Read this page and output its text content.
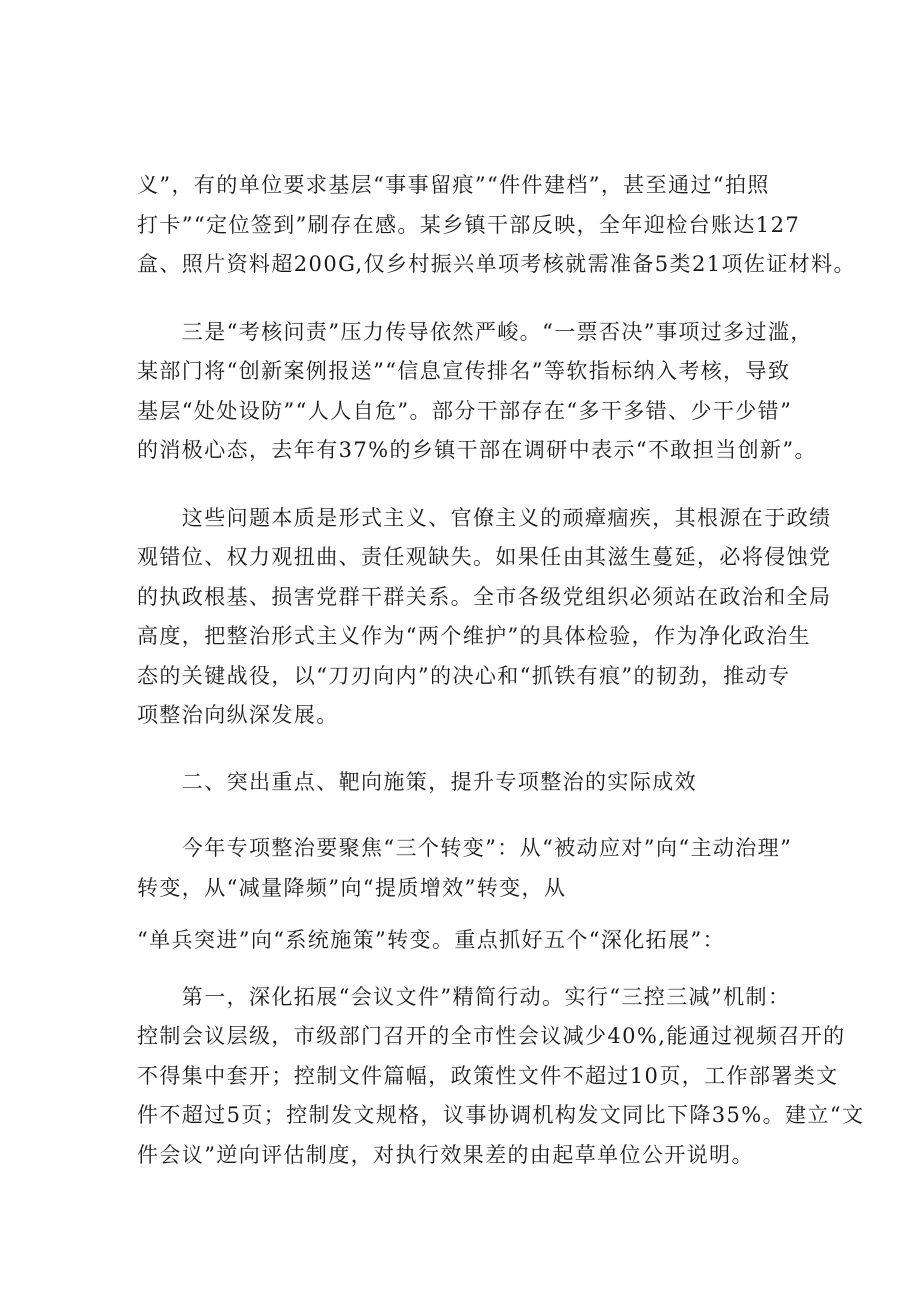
义”，有的单位要求基层“事事留痕”“件件建档”，甚至通过“拍照
打卡”“定位签到”刷存在感。某乡镇干部反映，全年迎检台账达127
盒、照片资料超200G,仅乡村振兴单项考核就需准备5类21项佐证材料。
　　三是“考核问责”压力传导依然严峻。“一票否决”事项过多过滥，
某部门将“创新案例报送”“信息宣传排名”等软指标纳入考核，导致
基层“处处设防”“人人自危”。部分干部存在“多干多错、少干少错”
的消极心态，去年有37%的乡镇干部在调研中表示“不敢担当创新”。
　　这些问题本质是形式主义、官僚主义的顽瘴痼疾，其根源在于政绩
观错位、权力观扭曲、责任观缺失。如果任由其滋生蔓延，必将侵蚀党
的执政根基、损害党群干群关系。全市各级党组织必须站在政治和全局
高度，把整治形式主义作为“两个维护”的具体检验，作为净化政治生
态的关键战役，以“刀刃向内”的决心和“抓铁有痕”的韧劲，推动专
项整治向纵深发展。
　　二、突出重点、靶向施策，提升专项整治的实际成效
　　今年专项整治要聚焦“三个转变”：从“被动应对”向“主动治理”
转变，从“减量降频”向“提质增效”转变，从
“单兵突进”向“系统施策”转变。重点抓好五个“深化拓展”：
　　第一，深化拓展“会议文件”精简行动。实行“三控三减”机制：
控制会议层级，市级部门召开的全市性会议减少40%,能通过视频召开的
不得集中套开；控制文件篇幅，政策性文件不超过10页，工作部署类文
件不超过5页；控制发文规格，议事协调机构发文同比下降35%。建立“文
件会议”逆向评估制度，对执行效果差的由起草单位公开说明。
